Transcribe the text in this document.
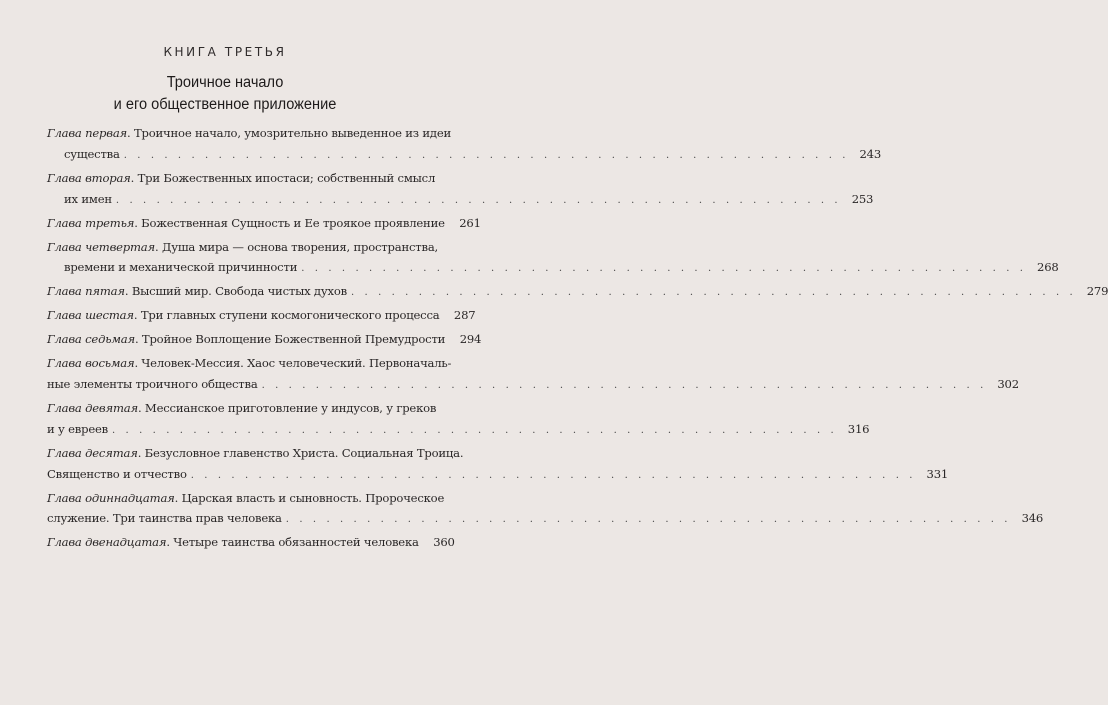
КНИГА ТРЕТЬЯ
Троичное начало
и его общественное приложение
Глава первая. Троичное начало, умозрительно выведенное из идеи
существа . . .	243
Глава вторая. Три Божественных ипостаси; собственный смысл
их имен . . .	253
Глава третья . Божественная Сущность и Ее троякое проявление	261
Глава четвертая. Душа мира — основа творения, пространства,
времени и механической причинности . . .	268
Глава пятая . Высший мир. Свобода чистых духов . . .	279
Глава шестая . Три главных ступени космогонического процесса	287
Глава седьмая . Тройное Воплощение Божественной Премудрости	294
Глава восьмая. Человек-Мессия. Хаос человеческий. Первоначаль-
ные элементы троичного общества . . .	302
Глава девятая. Мессианское приготовление у индусов, у греков
и у евреев . . .	316
Глава десятая. Безусловное главенство Христа. Социальная Троица.
Священство и отчество . . .	331
Глава одиннадцатая. Царская власть и сыновность. Пророческое
служение. Три таинства прав человека . . .	346
Глава двенадцатая . Четыре таинства обязанностей человека	360
